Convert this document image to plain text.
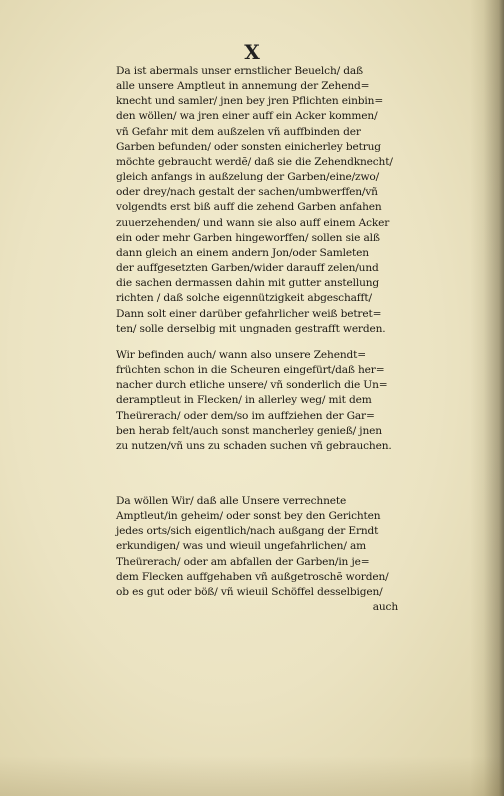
X
Da ist abermals unser ernstlicher Beuelch/ daß
alle unsere Amptleut in annemung der Zehend=
knecht und samler/ jnen bey jren Pflichten einbin=
den wöllen/ wa jren einer auff ein Acker kommen/
vñ Gefahr mit dem außzelen vñ auffbinden der
Garben befunden/ oder sonsten einicherley betrug
möchte gebraucht werdẽ/ daß sie die Zehendknecht/
gleich anfangs in außzelung der Garben/eine/zwo/
oder drey/nach gestalt der sachen/umbwerffen/vñ
volgendts erst biß auff die zehend Garben anfahen
zuuerzehenden/ und wann sie also auff einem Acker
ein oder mehr Garben hingeworffen/ sollen sie alß
dann gleich an einem andern Jon/oder Samleten
der auffgesetzten Garben/wider darauff zelen/und
die sachen dermassen dahin mit gutter anstellung
richten / daß solche eigennützigkeit abgeschafft/
Dann solt einer darüber gefahrlicher weiß betret=
ten/ solle derselbig mit ungnaden gestrafft werden.
Wir befinden auch/ wann also unsere Zehendt=
früchten schon in die Scheuren eingefürt/daß her=
nacher durch etliche unsere/ vñ sonderlich die Un=
deramptleut in Flecken/ in allerley weg/ mit dem
Theürerach/ oder dem/so im auffziehen der Gar=
ben herab felt/auch sonst mancherley genieß/ jnen
zu nutzen/vñ uns zu schaden suchen vñ gebrauchen.
Da wöllen Wir/ daß alle Unsere verrechnete
Amptleut/in geheim/ oder sonst bey den Gerichten
jedes orts/sich eigentlich/nach außgang der Erndt
erkundigen/ was und wieuil ungefahrlichen/ am
Theürerach/ oder am abfallen der Garben/in je=
dem Flecken auffgehaben vñ außgetroschẽ worden/
ob es gut oder böß/ vñ wieuil Schöffel desselbigen/
auch
